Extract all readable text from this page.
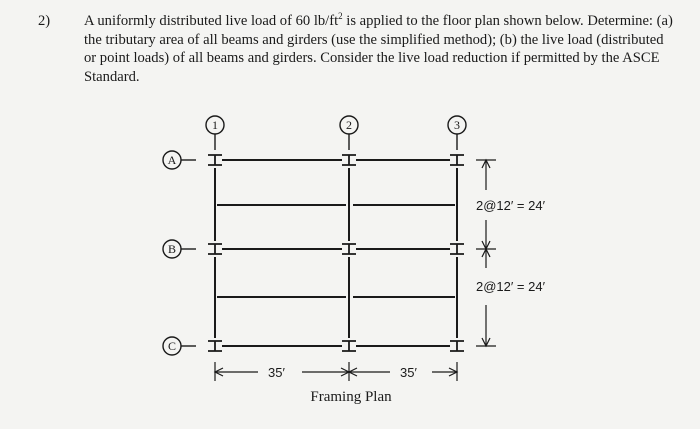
2) A uniformly distributed live load of 60 $lb/ft^2$ is applied to the floor plan shown below. Determine: (a) the tributary area of all beams and girders (use the simplified method); (b) the live load (distributed or point loads) of all beams and girders. Consider the live load reduction if permitted by the ASCE Standard.
1	2	3
A
B
C
2@12′ = 24′
2@12′ = 24′
35′	35′
Framing Plan
